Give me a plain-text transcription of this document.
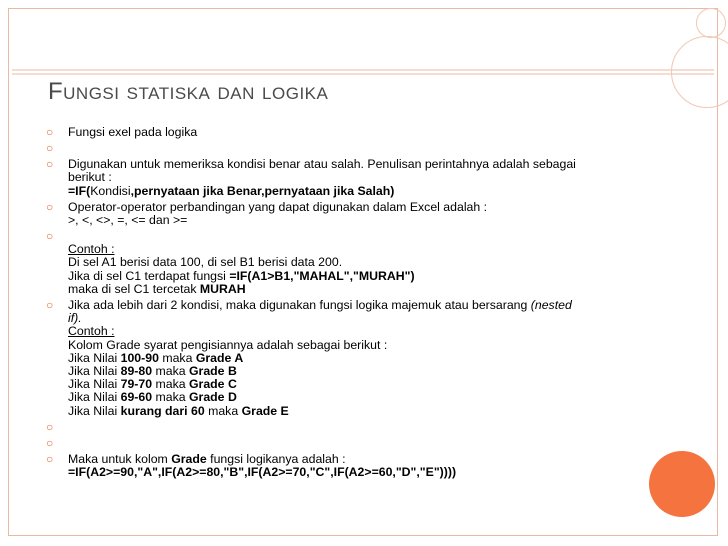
Fungsi statiska dan logika
○ Fungsi exel pada logika
○
○ Digunakan untuk memeriksa kondisi benar atau salah. Penulisan perintahnya adalah sebagai
berikut :
=IF(Kondisi,pernyataan jika Benar,pernyataan jika Salah)
○ Operator-operator perbandingan yang dapat digunakan dalam Excel adalah :
>, <, <>, =, <= dan >=
○
Contoh :
Di sel A1 berisi data 100, di sel B1 berisi data 200.
Jika di sel C1 terdapat fungsi =IF(A1>B1,"MAHAL","MURAH")
maka di sel C1 tercetak MURAH
○ Jika ada lebih dari 2 kondisi, maka digunakan fungsi logika majemuk atau bersarang (nested
if).
Contoh :
Kolom Grade syarat pengisiannya adalah sebagai berikut :
Jika Nilai 100-90 maka Grade A
Jika Nilai 89-80 maka Grade B
Jika Nilai 79-70 maka Grade C
Jika Nilai 69-60 maka Grade D
Jika Nilai kurang dari 60 maka Grade E
○
○
○ Maka untuk kolom Grade fungsi logikanya adalah :
=IF(A2>=90,"A",IF(A2>=80,"B",IF(A2>=70,"C",IF(A2>=60,"D","E"))))
